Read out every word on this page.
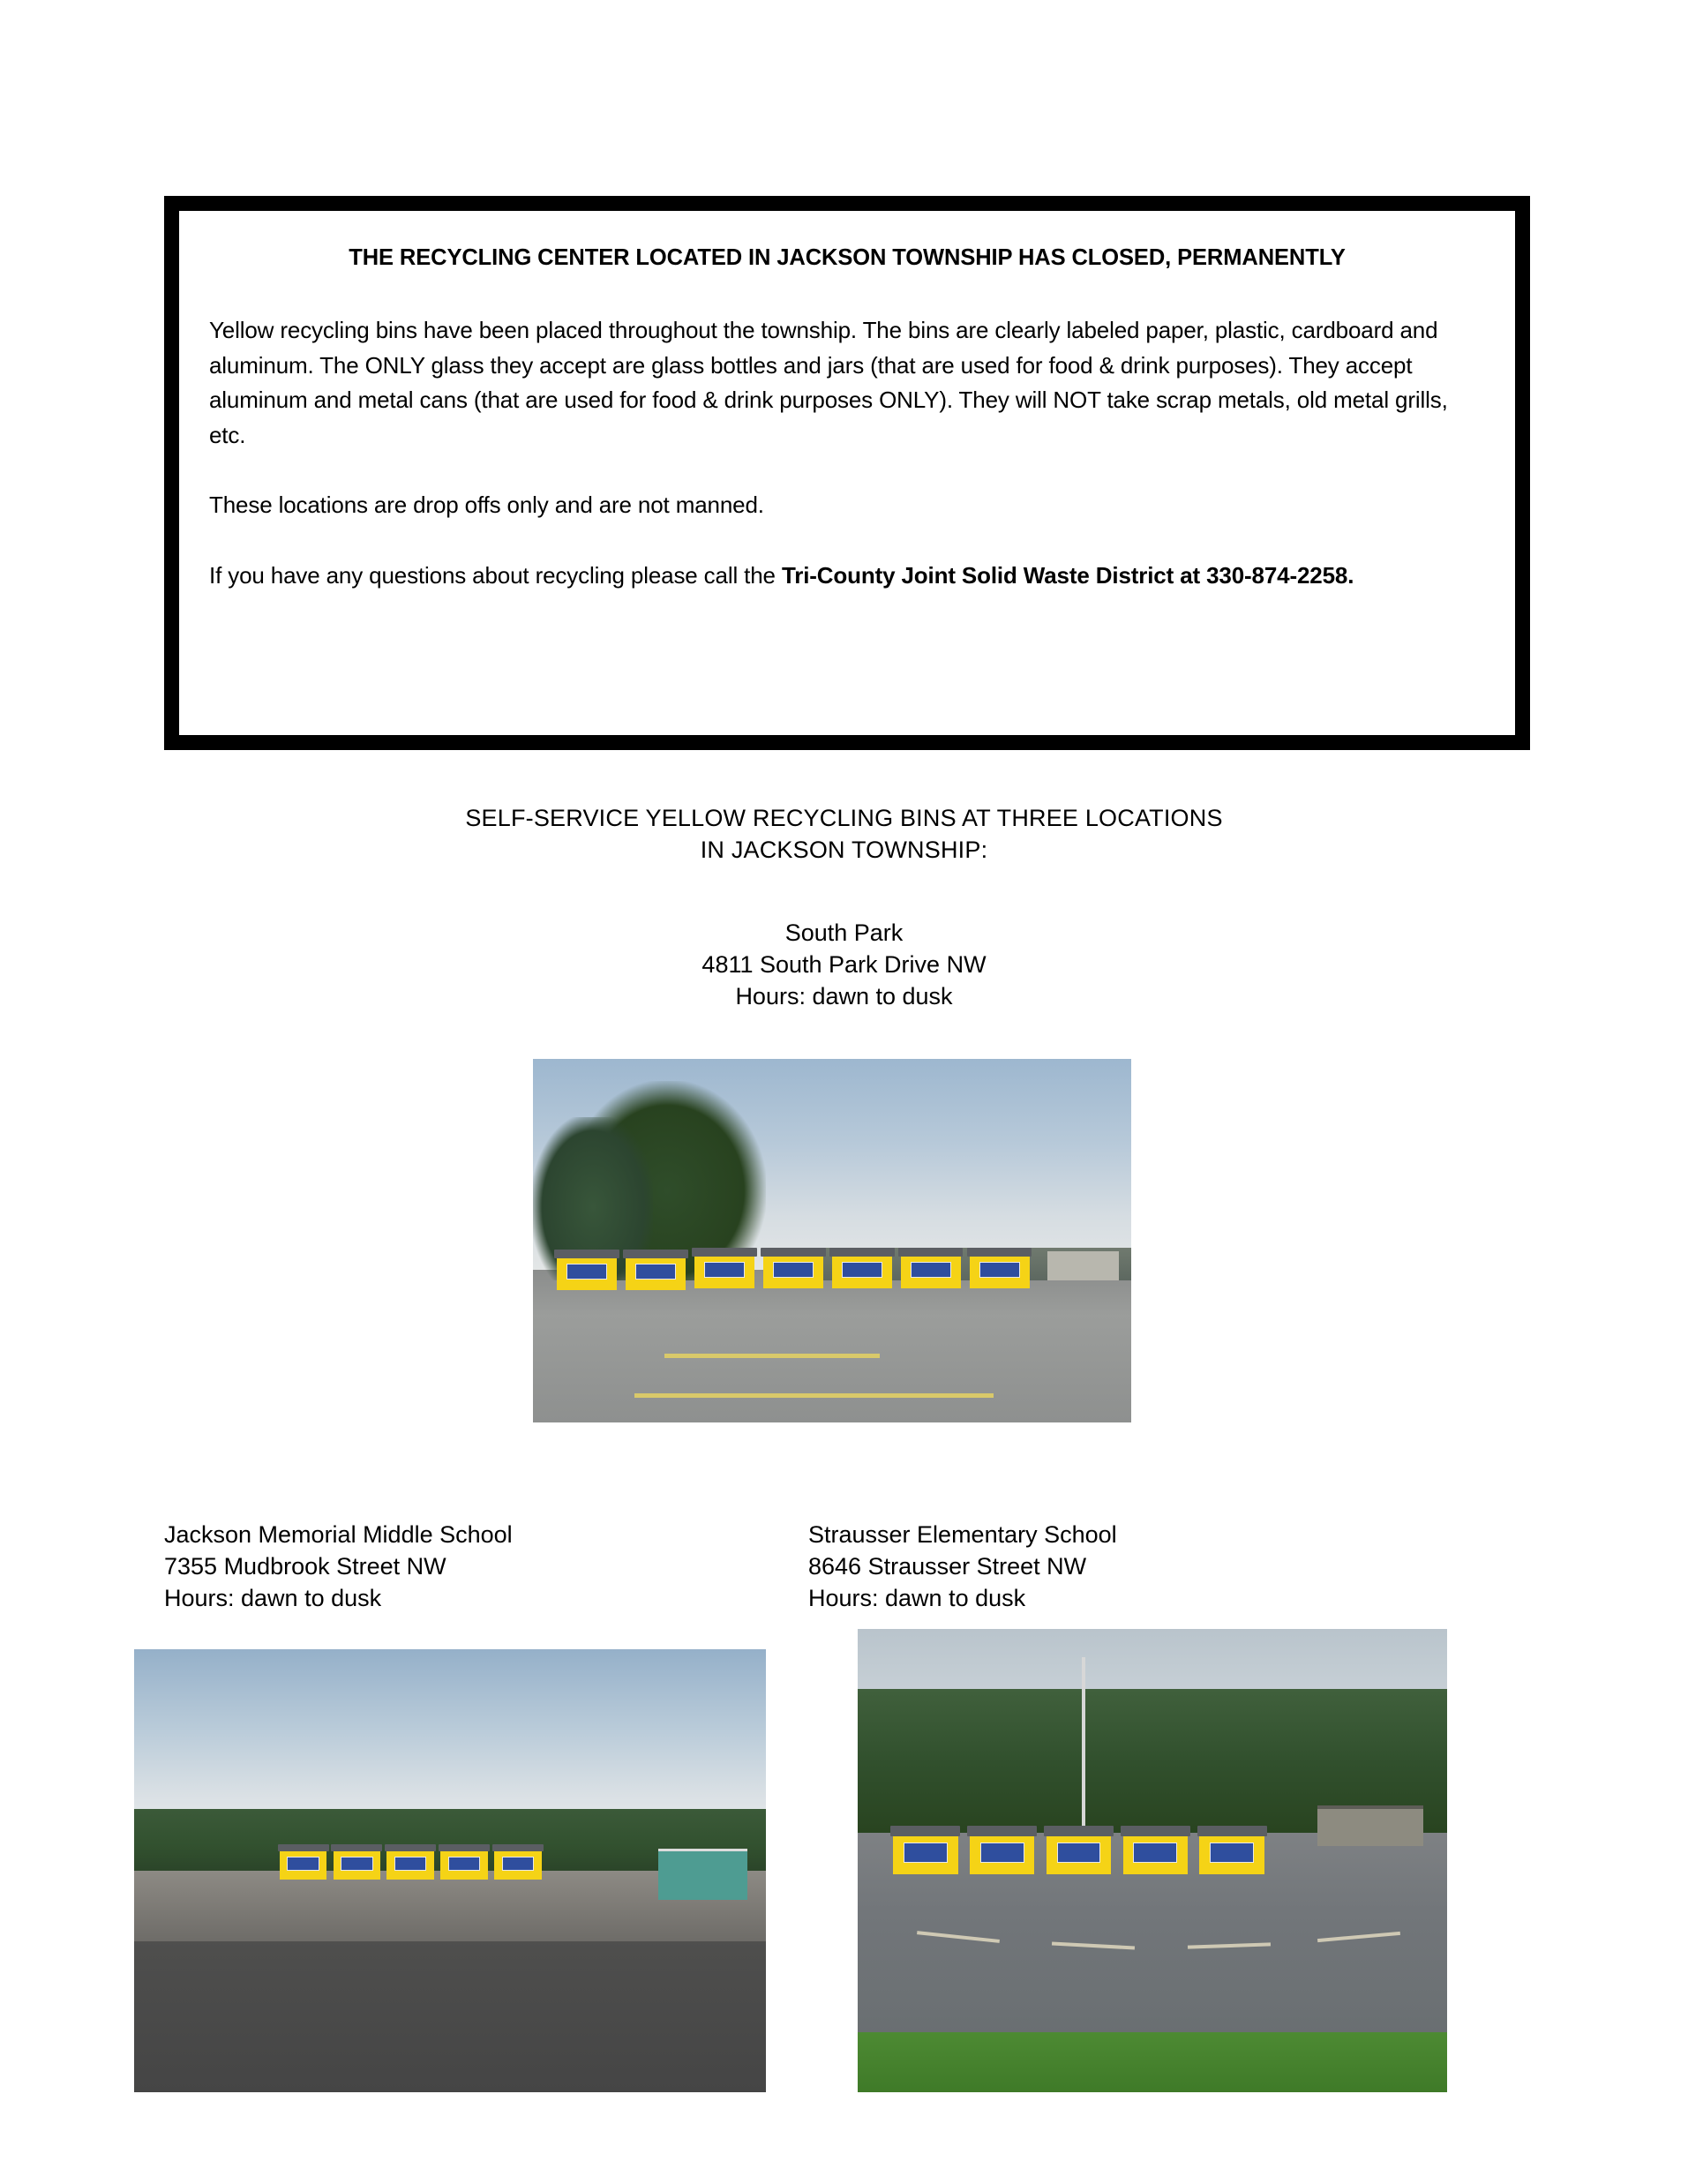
THE RECYCLING CENTER LOCATED IN JACKSON TOWNSHIP HAS CLOSED, PERMANENTLY

Yellow recycling bins have been placed throughout the township. The bins are clearly labeled paper, plastic, cardboard and aluminum. The ONLY glass they accept are glass bottles and jars (that are used for food & drink purposes). They accept aluminum and metal cans (that are used for food & drink purposes ONLY). They will NOT take scrap metals, old metal grills, etc.

These locations are drop offs only and are not manned.

If you have any questions about recycling please call the Tri-County Joint Solid Waste District at 330-874-2258.

SELF-SERVICE YELLOW RECYCLING BINS AT THREE LOCATIONS
IN JACKSON TOWNSHIP:
South Park
4811 South Park Drive NW
Hours: dawn to dusk
Jackson Memorial Middle School
7355 Mudbrook Street NW
Hours: dawn to dusk
Strausser Elementary School
8646 Strausser Street NW
Hours: dawn to dusk
